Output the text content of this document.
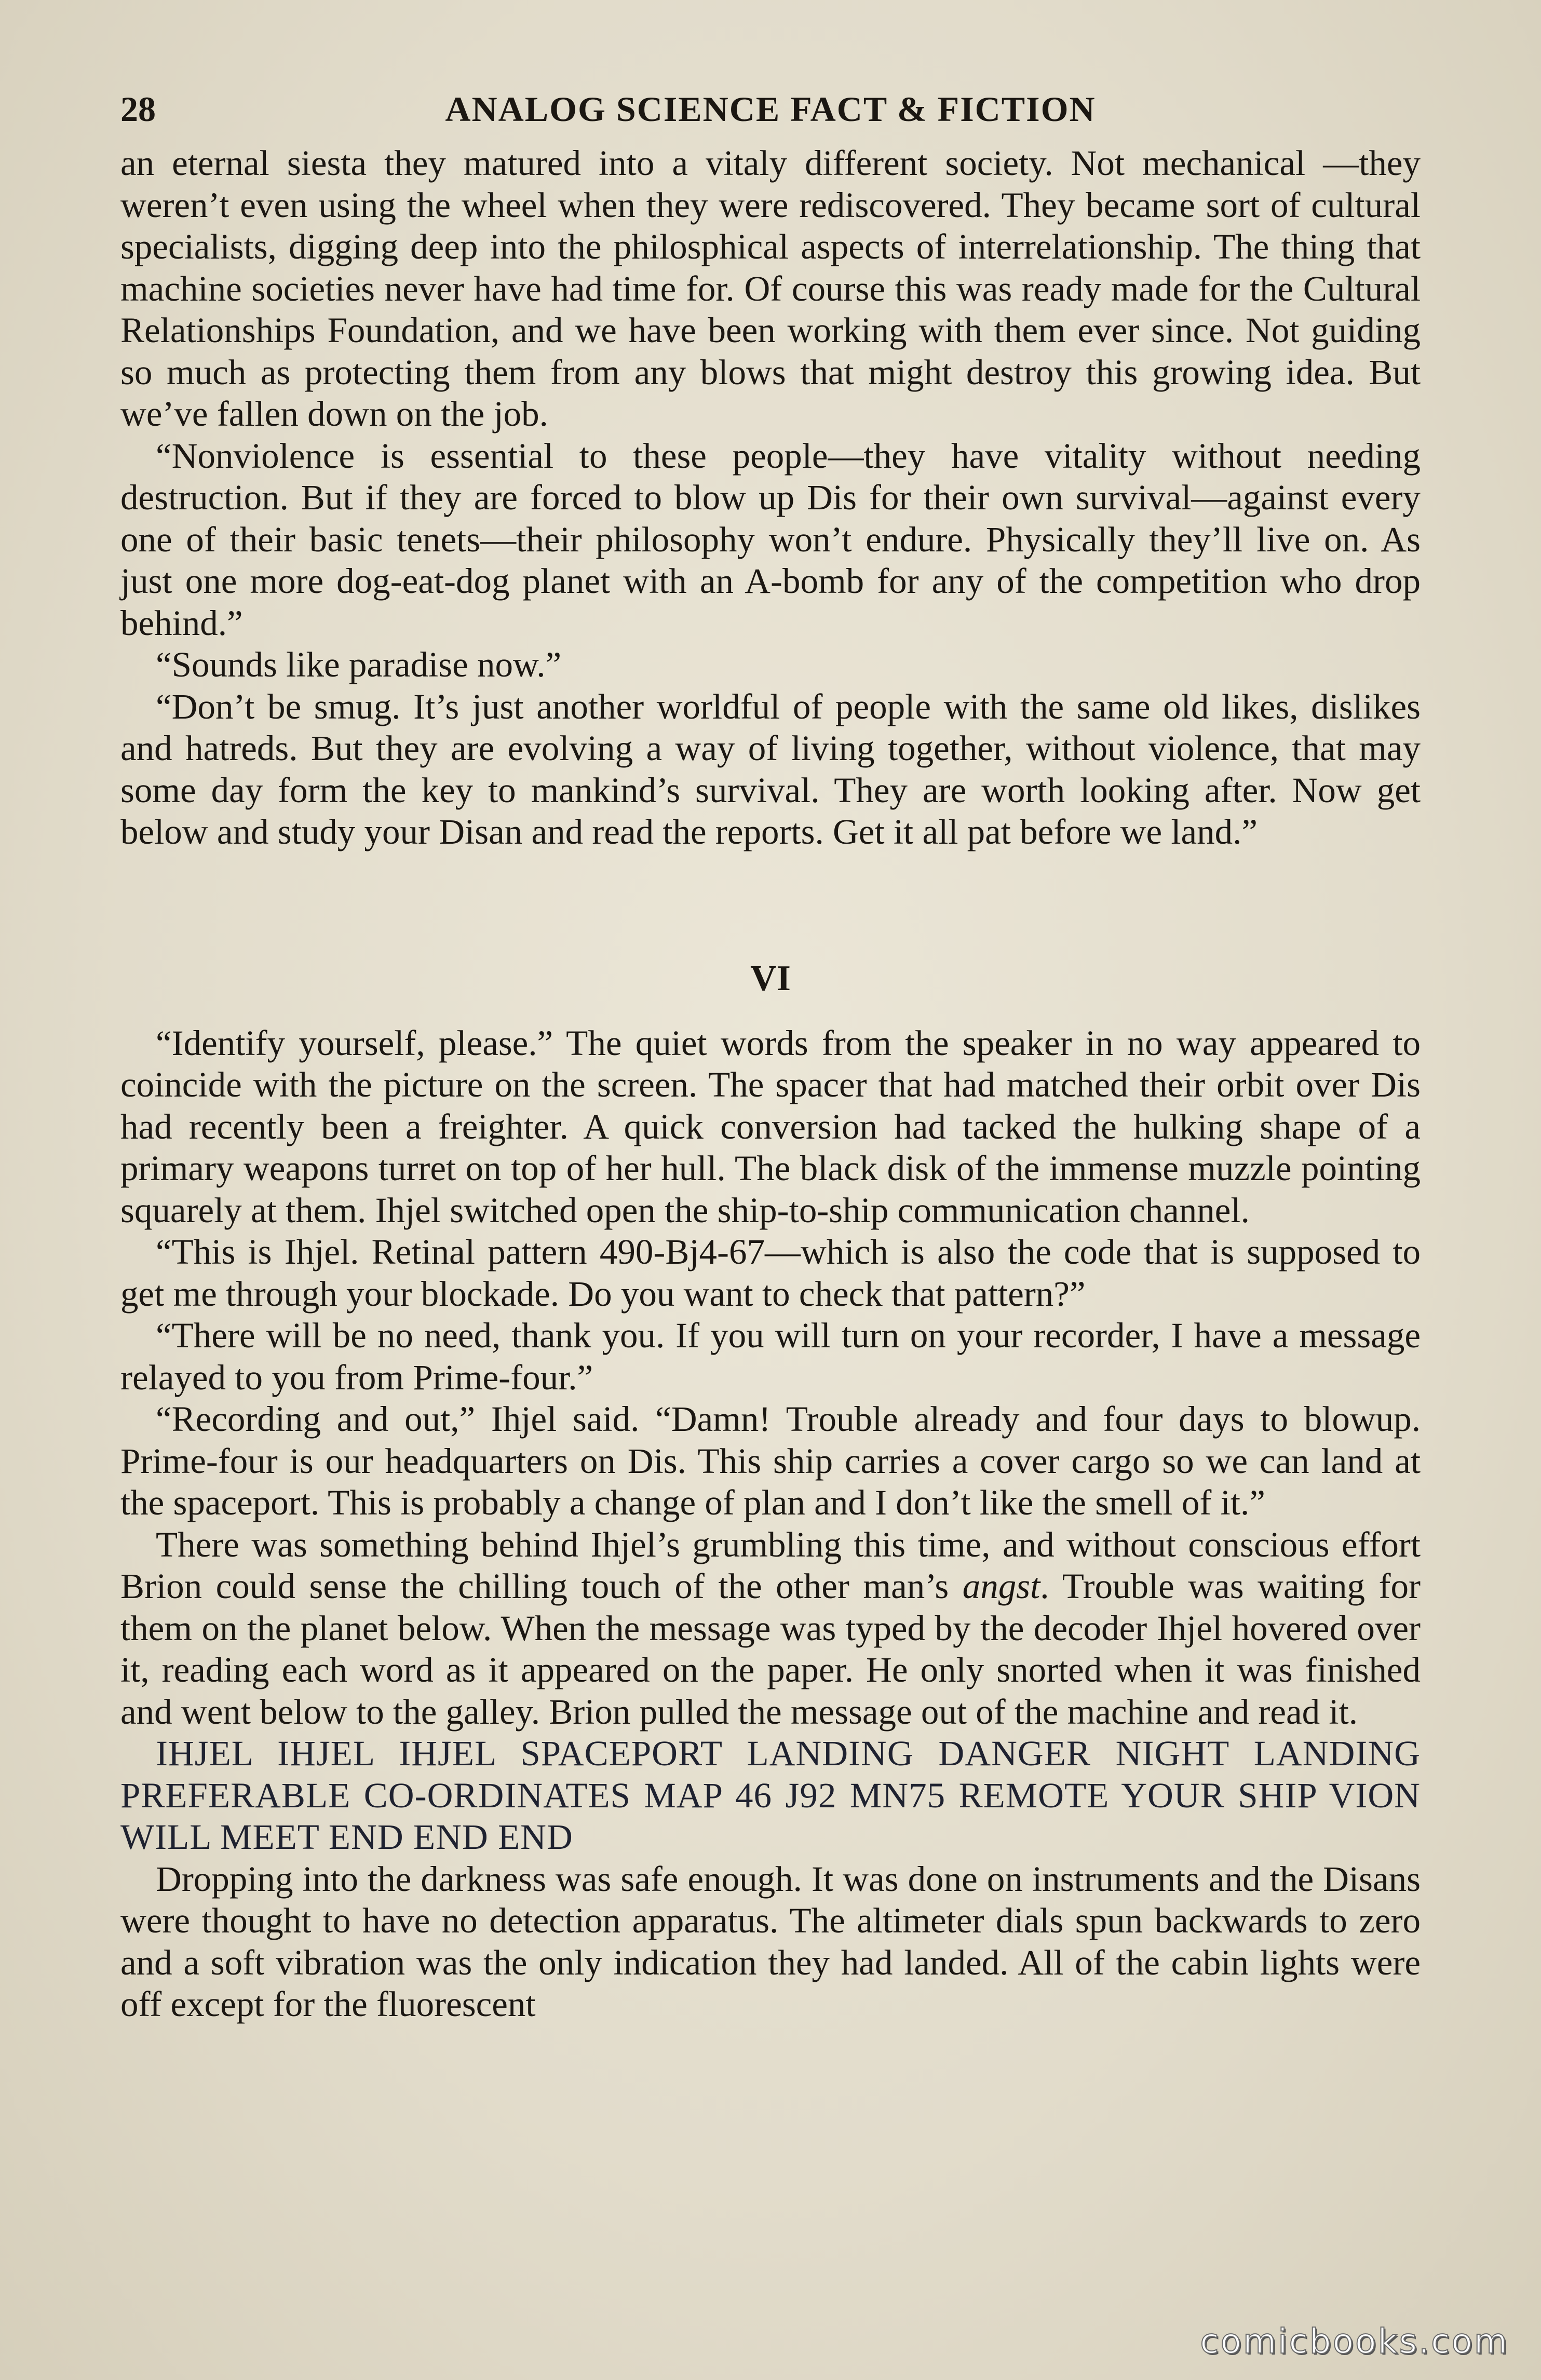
28	ANALOG SCIENCE FACT & FICTION

an eternal siesta they matured into a vitaly different society. Not mechanical —they weren’t even using the wheel when they were rediscovered. They became sort of cultural specialists, digging deep into the philosphical aspects of interrelationship. The thing that machine societies never have had time for. Of course this was ready made for the Cultural Relationships Foundation, and we have been working with them ever since. Not guiding so much as protecting them from any blows that might destroy this growing idea. But we’ve fallen down on the job.

“Nonviolence is essential to these people—they have vitality without needing destruction. But if they are forced to blow up Dis for their own survival—against every one of their basic tenets—their philosophy won’t endure. Physically they’ll live on. As just one more dog-eat-dog planet with an A-bomb for any of the competition who drop behind.”

“Sounds like paradise now.”

“Don’t be smug. It’s just another worldful of people with the same old likes, dislikes and hatreds. But they are evolving a way of living together, without violence, that may some day form the key to mankind’s survival. They are worth looking after. Now get below and study your Disan and read the reports. Get it all pat before we land.”

VI

“Identify yourself, please.” The quiet words from the speaker in no way appeared to coincide with the picture on the screen. The spacer that had matched their orbit over Dis had recently been a freighter. A quick conversion had tacked the hulking shape of a primary weapons turret on top of her hull. The black disk of the immense muzzle pointing squarely at them. Ihjel switched open the ship-to-ship communication channel.

“This is Ihjel. Retinal pattern 490-Bj4-67—which is also the code that is supposed to get me through your blockade. Do you want to check that pattern?”

“There will be no need, thank you. If you will turn on your recorder, I have a message relayed to you from Prime-four.”

“Recording and out,” Ihjel said. “Damn! Trouble already and four days to blowup. Prime-four is our headquarters on Dis. This ship carries a cover cargo so we can land at the spaceport. This is probably a change of plan and I don’t like the smell of it.”

There was something behind Ihjel’s grumbling this time, and without conscious effort Brion could sense the chilling touch of the other man’s angst. Trouble was waiting for them on the planet below. When the message was typed by the decoder Ihjel hovered over it, reading each word as it appeared on the paper. He only snorted when it was finished and went below to the galley. Brion pulled the message out of the machine and read it.

IHJEL IHJEL IHJEL SPACEPORT LANDING DANGER NIGHT LANDING PREFERABLE CO-ORDINATES MAP 46 J92 MN75 REMOTE YOUR SHIP VION WILL MEET END END END

Dropping into the darkness was safe enough. It was done on instruments and the Disans were thought to have no detection apparatus. The altimeter dials spun backwards to zero and a soft vibration was the only indication they had landed. All of the cabin lights were off except for the fluorescent

comicbooks.com
